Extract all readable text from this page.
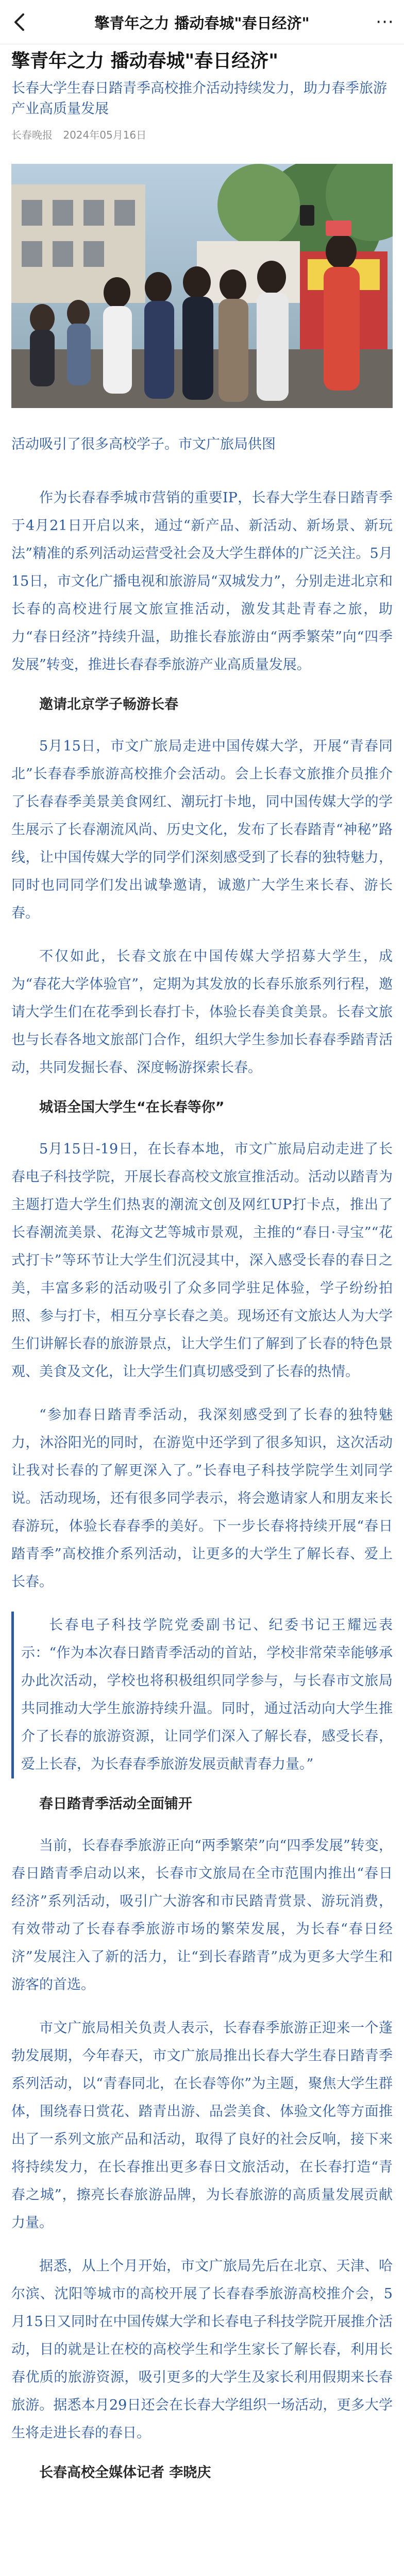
擎青年之力 播动春城"春日经济"	···
擎青年之力 播动春城"春日经济"

长春大学生春日踏青季高校推介活动持续发力，助力春季旅游产业高质量发展

长春晚报 2024年05月16日

活动吸引了很多高校学子。市文广旅局供图

作为长春春季城市营销的重要IP，长春大学生春日踏青季于4月21日开启以来，通过“新产品、新活动、新场景、新玩法”精准的系列活动运营受社会及大学生群体的广泛关注。5月15日，市文化广播电视和旅游局“双城发力”，分别走进北京和长春的高校进行展文旅宣推活动，激发其赴青春之旅，助力“春日经济”持续升温，助推长春旅游由“两季繁荣”向“四季发展”转变，推进长春春季旅游产业高质量发展。

邀请北京学子畅游长春

5月15日，市文广旅局走进中国传媒大学，开展“青春同北”长春春季旅游高校推介会活动。会上长春文旅推介员推介了长春春季美景美食网红、潮玩打卡地，同中国传媒大学的学生展示了长春潮流风尚、历史文化，发布了长春踏青“神秘”路线，让中国传媒大学的同学们深刻感受到了长春的独特魅力，同时也同同学们发出诚挚邀请，诚邀广大学生来长春、游长春。

不仅如此，长春文旅在中国传媒大学招募大学生，成为“春花大学体验官”，定期为其发放的长春乐旅系列行程，邀请大学生们在花季到长春打卡，体验长春美食美景。长春文旅也与长春各地文旅部门合作，组织大学生参加长春春季踏青活动，共同发掘长春、深度畅游探索长春。

城语全国大学生“在长春等你”

5月15日-19日，在长春本地，市文广旅局启动走进了长春电子科技学院，开展长春高校文旅宣推活动。活动以踏青为主题打造大学生们热衷的潮流文创及网红UP打卡点，推出了长春潮流美景、花海文艺等城市景观，主推的“春日·寻宝”“花式打卡”等环节让大学生们沉浸其中，深入感受长春的春日之美，丰富多彩的活动吸引了众多同学驻足体验，学子纷纷拍照、参与打卡，相互分享长春之美。现场还有文旅达人为大学生们讲解长春的旅游景点，让大学生们了解到了长春的特色景观、美食及文化，让大学生们真切感受到了长春的热情。

“参加春日踏青季活动，我深刻感受到了长春的独特魅力，沐浴阳光的同时，在游览中还学到了很多知识，这次活动让我对长春的了解更深入了。”长春电子科技学院学生刘同学说。活动现场，还有很多同学表示，将会邀请家人和朋友来长春游玩，体验长春春季的美好。下一步长春将持续开展“春日踏青季”高校推介系列活动，让更多的大学生了解长春、爱上长春。

长春电子科技学院党委副书记、纪委书记王耀远表示：“作为本次春日踏青季活动的首站，学校非常荣幸能够承办此次活动，学校也将积极组织同学参与，与长春市文旅局共同推动大学生旅游持续升温。同时，通过活动向大学生推介了长春的旅游资源，让同学们深入了解长春，感受长春，爱上长春，为长春春季旅游发展贡献青春力量。”
春日踏青季活动全面铺开

当前，长春春季旅游正向“两季繁荣”向“四季发展”转变，春日踏青季启动以来，长春市文旅局在全市范围内推出“春日经济”系列活动，吸引广大游客和市民踏青赏景、游玩消费，有效带动了长春春季旅游市场的繁荣发展，为长春“春日经济”发展注入了新的活力，让“到长春踏青”成为更多大学生和游客的首选。

市文广旅局相关负责人表示，长春春季旅游正迎来一个蓬勃发展期，今年春天，市文广旅局推出长春大学生春日踏青季系列活动，以“青春同北，在长春等你”为主题，聚焦大学生群体，围绕春日赏花、踏青出游、品尝美食、体验文化等方面推出了一系列文旅产品和活动，取得了良好的社会反响，接下来将持续发力，在长春推出更多春日文旅活动，在长春打造“青春之城”，擦亮长春旅游品牌，为长春旅游的高质量发展贡献力量。

据悉，从上个月开始，市文广旅局先后在北京、天津、哈尔滨、沈阳等城市的高校开展了长春春季旅游高校推介会，5月15日又同时在中国传媒大学和长春电子科技学院开展推介活动，目的就是让在校的高校学生和学生家长了解长春，利用长春优质的旅游资源，吸引更多的大学生及家长利用假期来长春旅游。据悉本月29日还会在长春大学组织一场活动，更多大学生将走进长春的春日。

长春高校全媒体记者 李晓庆
